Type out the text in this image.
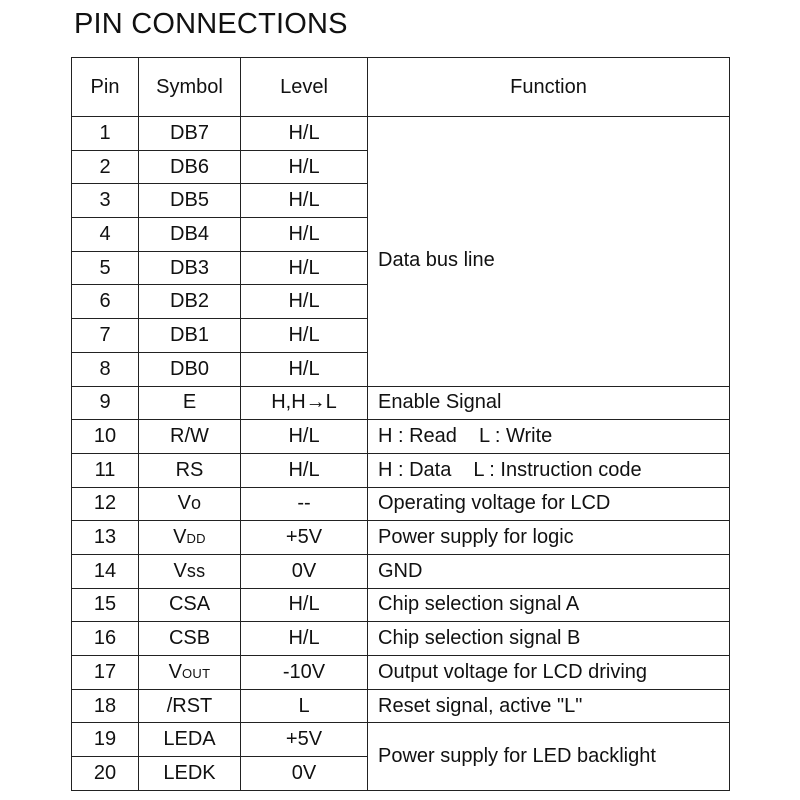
PIN CONNECTIONS
Pin	Symbol	Level	Function
1	DB7	H/L	Data bus line

2	DB6	H/L	
3	DB5	H/L	
4	DB4	H/L	
5	DB3	H/L	
6	DB2	H/L	
7	DB1	H/L	
8	DB0	H/L	
9	E	H,H→L	Enable Signal
10	R/W	H/L	H : Read L : Write
11	RS	H/L	H : Data L : Instruction code
12	Vo	--	Operating voltage for LCD
13	VDD	+5V	Power supply for logic
14	Vss	0V	GND
15	CSA	H/L	Chip selection signal A
16	CSB	H/L	Chip selection signal B
17	VOUT	-10V	Output voltage for LCD driving
18	/RST	L	Reset signal, active "L"
19	LEDA	+5V	Power supply for LED backlight
20	LEDK	0V	
